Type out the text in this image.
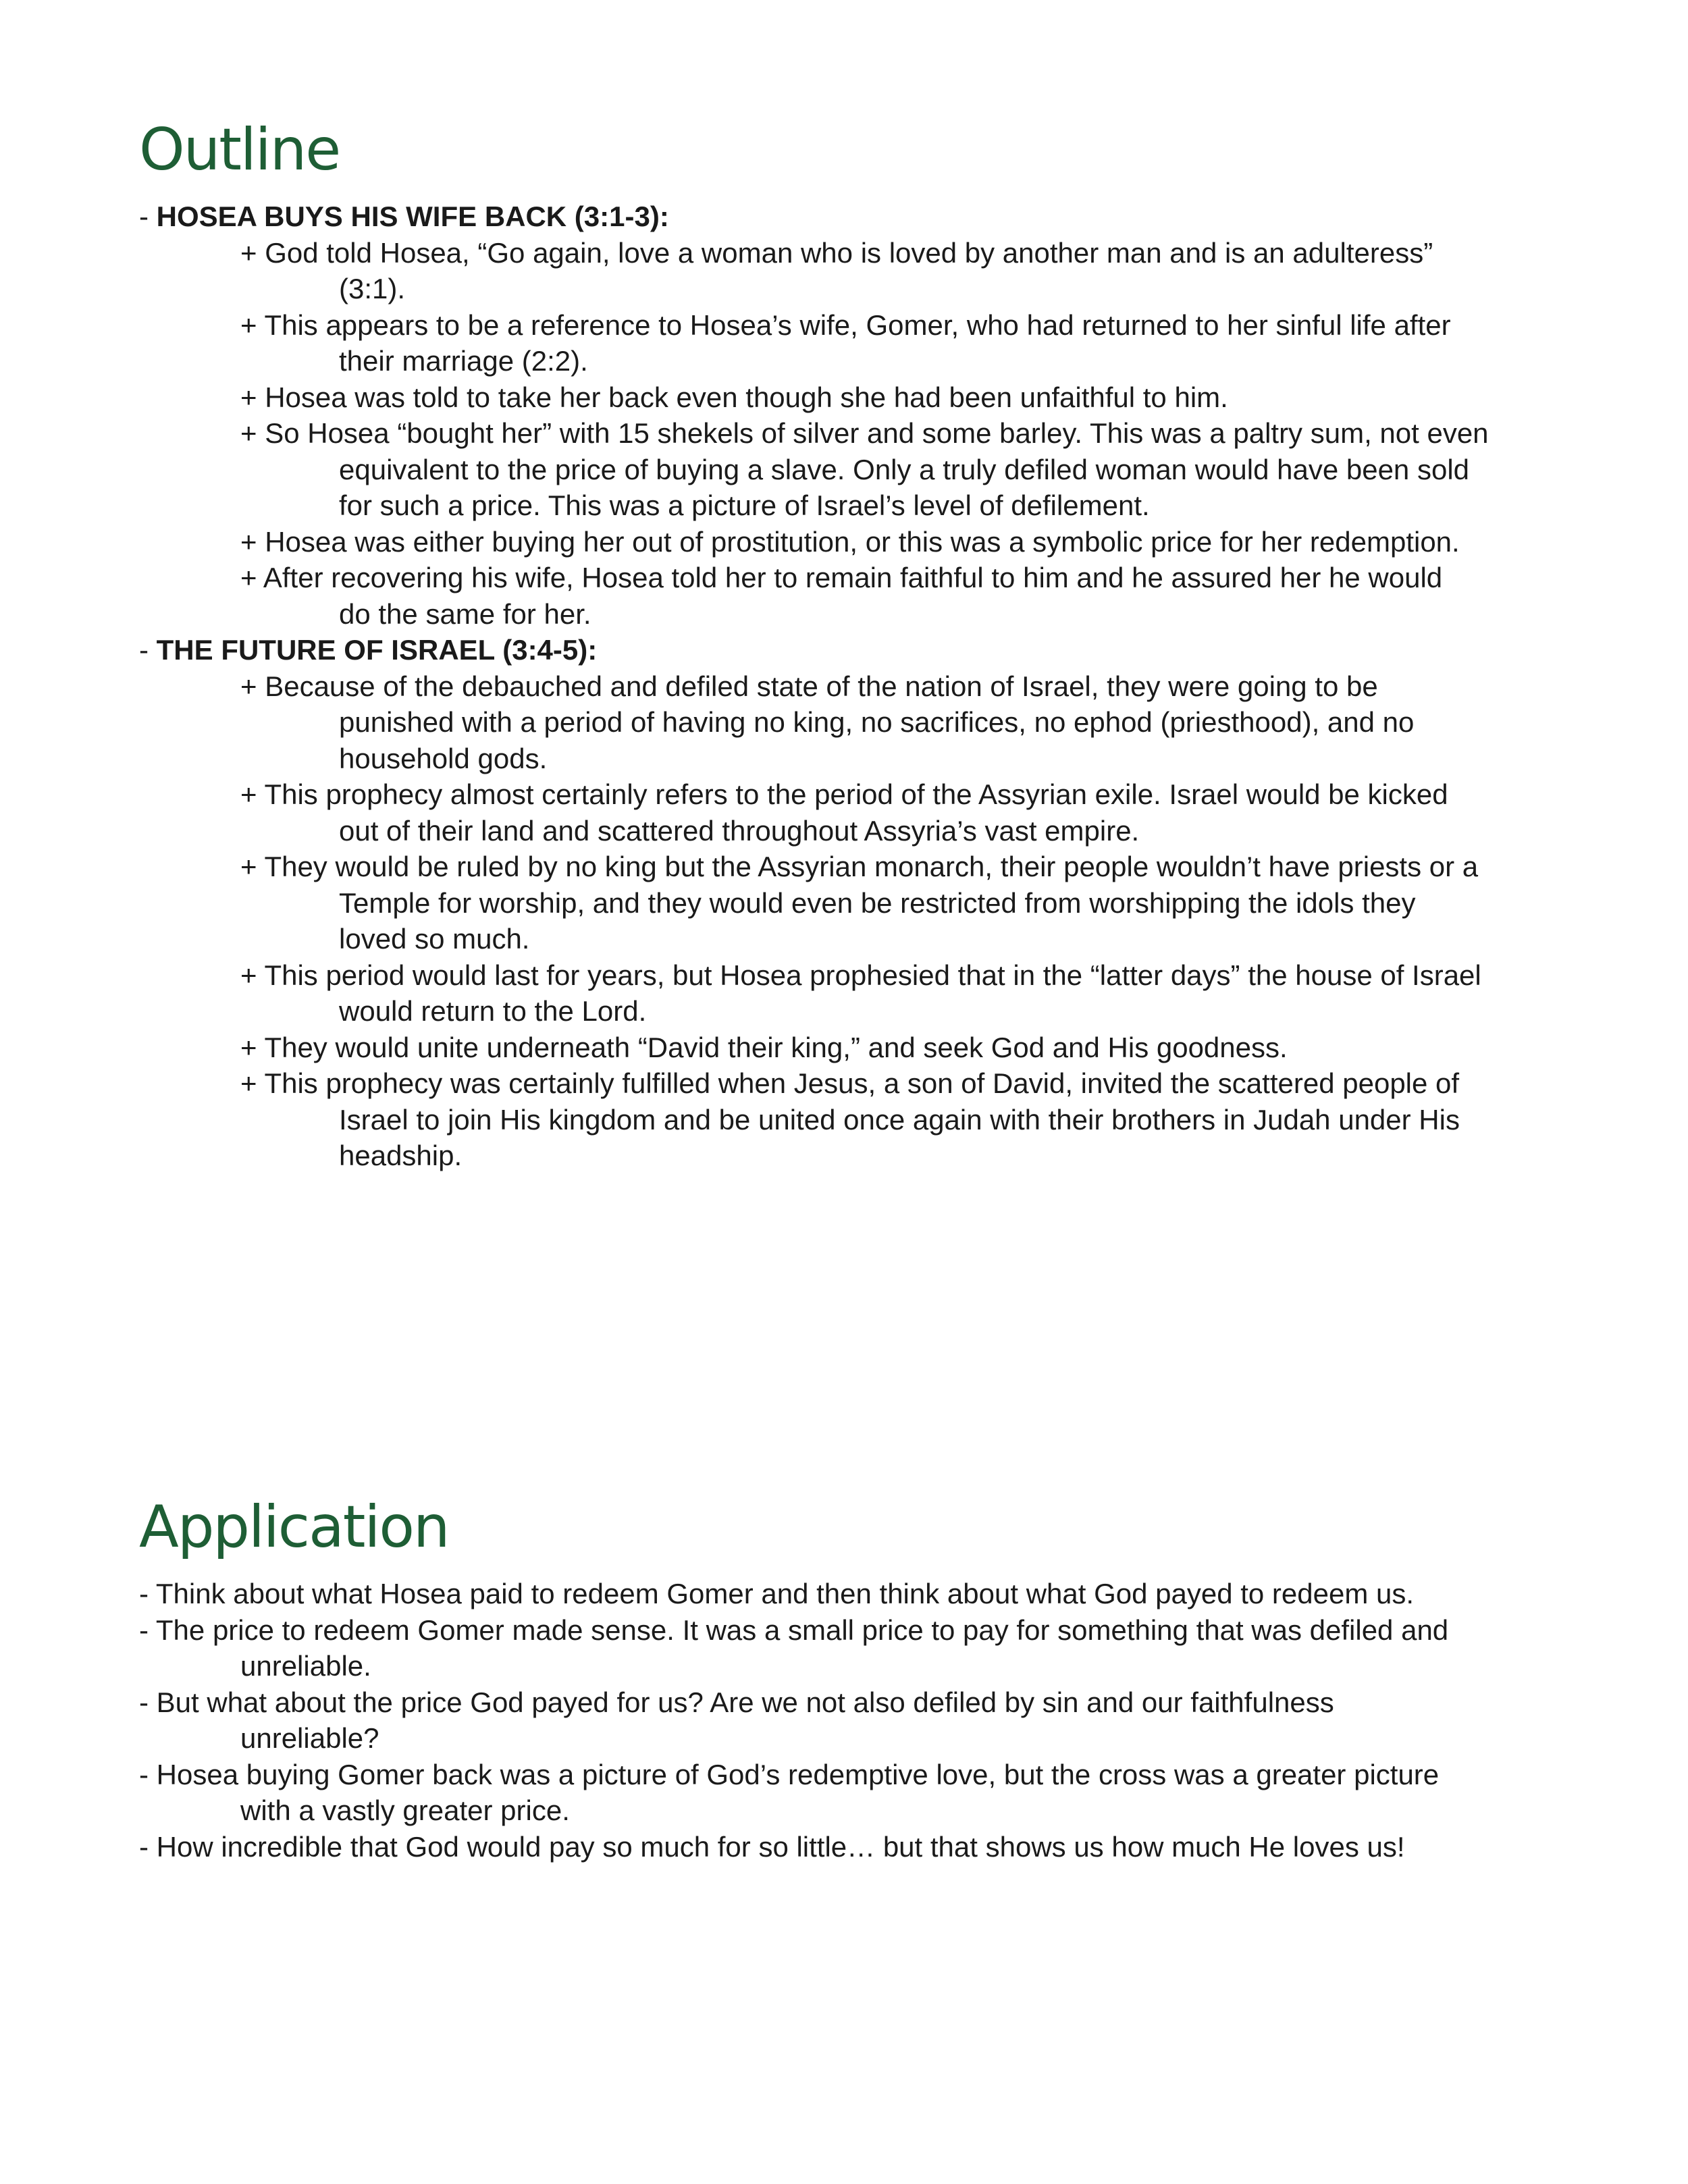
Outline
- HOSEA BUYS HIS WIFE BACK (3:1-3):
+ God told Hosea, “Go again, love a woman who is loved by another man and is an adulteress”
(3:1).
+ This appears to be a reference to Hosea’s wife, Gomer, who had returned to her sinful life after
their marriage (2:2).
+ Hosea was told to take her back even though she had been unfaithful to him.
+ So Hosea “bought her” with 15 shekels of silver and some barley. This was a paltry sum, not even
equivalent to the price of buying a slave. Only a truly defiled woman would have been sold
for such a price. This was a picture of Israel’s level of defilement.
+ Hosea was either buying her out of prostitution, or this was a symbolic price for her redemption.
+ After recovering his wife, Hosea told her to remain faithful to him and he assured her he would
do the same for her.
- THE FUTURE OF ISRAEL (3:4-5):
+ Because of the debauched and defiled state of the nation of Israel, they were going to be
punished with a period of having no king, no sacrifices, no ephod (priesthood), and no
household gods.
+ This prophecy almost certainly refers to the period of the Assyrian exile. Israel would be kicked
out of their land and scattered throughout Assyria’s vast empire.
+ They would be ruled by no king but the Assyrian monarch, their people wouldn’t have priests or a
Temple for worship, and they would even be restricted from worshipping the idols they
loved so much.
+ This period would last for years, but Hosea prophesied that in the “latter days” the house of Israel
would return to the Lord.
+ They would unite underneath “David their king,” and seek God and His goodness.
+ This prophecy was certainly fulfilled when Jesus, a son of David, invited the scattered people of
Israel to join His kingdom and be united once again with their brothers in Judah under His
headship.
Application
- Think about what Hosea paid to redeem Gomer and then think about what God payed to redeem us.
- The price to redeem Gomer made sense. It was a small price to pay for something that was defiled and
unreliable.
- But what about the price God payed for us? Are we not also defiled by sin and our faithfulness
unreliable?
- Hosea buying Gomer back was a picture of God’s redemptive love, but the cross was a greater picture
with a vastly greater price.
- How incredible that God would pay so much for so little… but that shows us how much He loves us!
